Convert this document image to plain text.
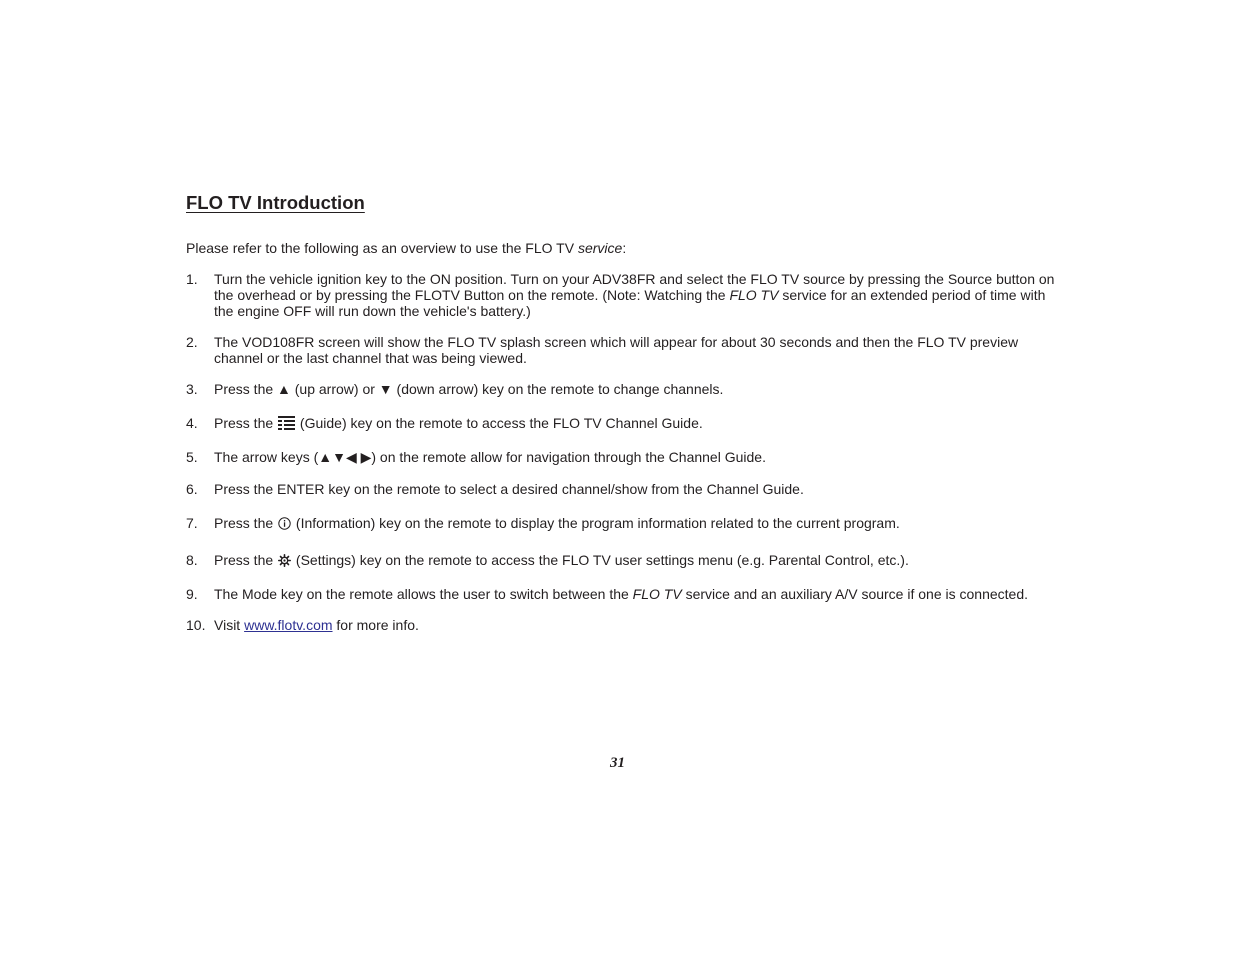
FLO TV Introduction

Please refer to the following as an overview to use the FLO TV service:

1.	Turn the vehicle ignition key to the ON position. Turn on your ADV38FR and select the FLO TV source by pressing the Source button on the overhead or by pressing the FLOTV Button on the remote. (Note: Watching the FLO TV service for an extended period of time with the engine OFF will run down the vehicle's battery.)
2.	The VOD108FR screen will show the FLO TV splash screen which will appear for about 30 seconds and then the FLO TV preview channel or the last channel that was being viewed.
3.	Press the ▲ (up arrow) or ▼ (down arrow) key on the remote to change channels.
4.	Press the  (Guide) key on the remote to access the FLO TV Channel Guide.
5.	The arrow keys (▲▼◀ ▶) on the remote allow for navigation through the Channel Guide.
6.	Press the ENTER key on the remote to select a desired channel/show from the Channel Guide.
7.	Press the  (Information) key on the remote to display the program information related to the current program.
8.	Press the  (Settings) key on the remote to access the FLO TV user settings menu (e.g. Parental Control, etc.).
9.	The Mode key on the remote allows the user to switch between the FLO TV service and an auxiliary A/V source if one is connected.
10. Visit www.flotv.com for more info.

31
